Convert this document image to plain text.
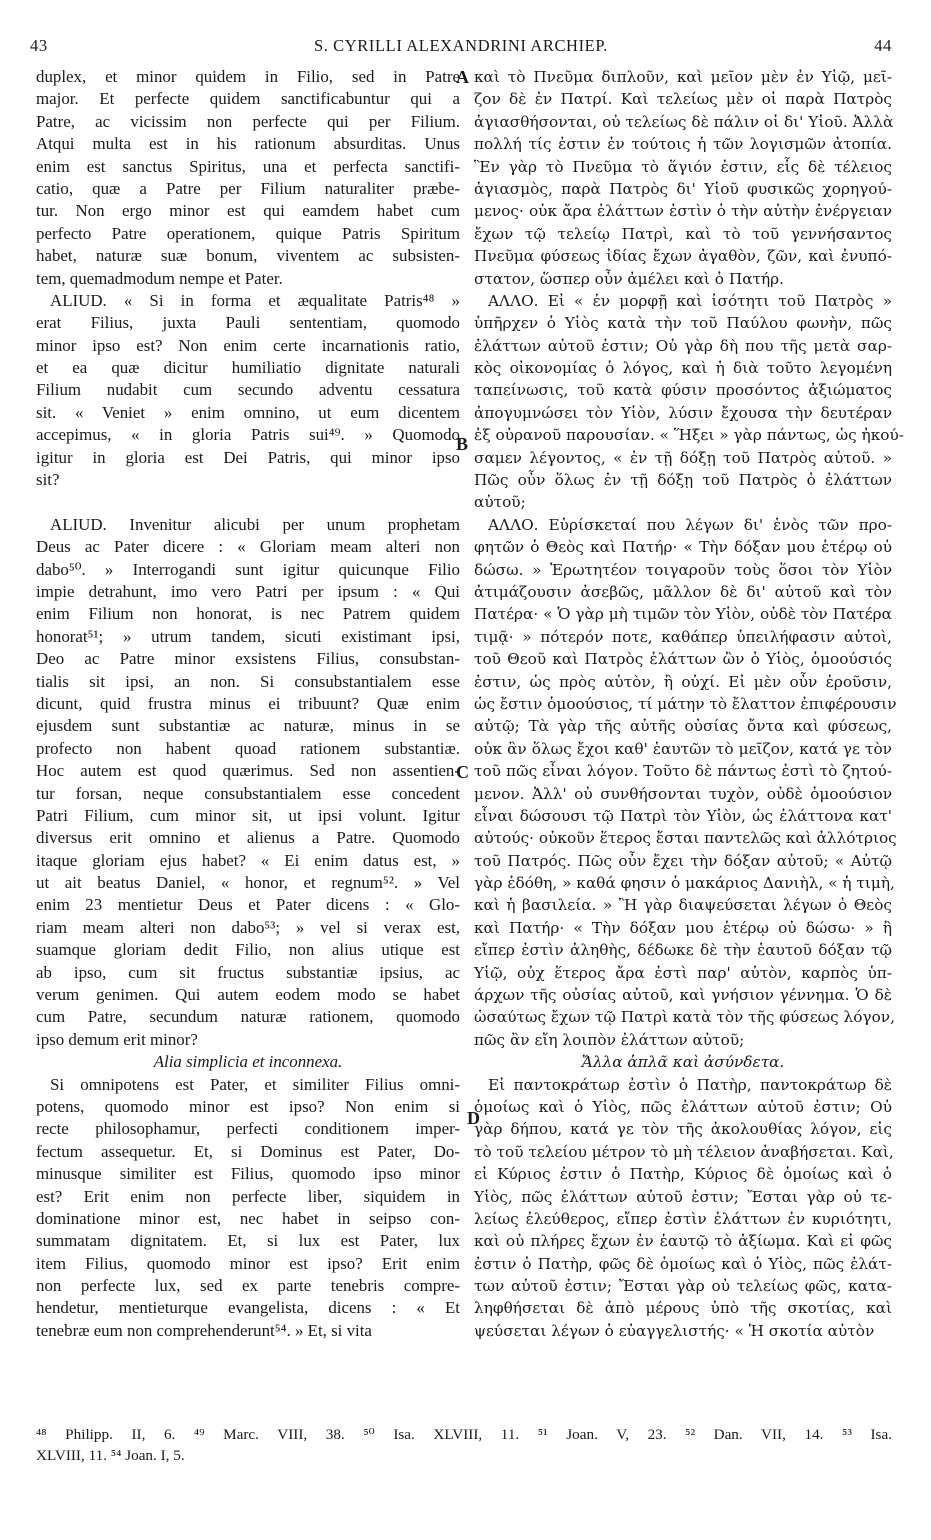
43	S. CYRILLI ALEXANDRINI ARCHIEP.	44
duplex, et minor quidem in Filio, sed in Patre
major. Et perfecte quidem sanctificabuntur qui a
Patre, ac vicissim non perfecte qui per Filium.
Atqui multa est in his rationum absurditas. Unus
enim est sanctus Spiritus, una et perfecta sanctifi-
catio, quæ a Patre per Filium naturaliter præbe-
tur. Non ergo minor est qui eamdem habet cum
perfecto Patre operationem, quique Patris Spiritum
habet, naturæ suæ bonum, viventem ac subsisten-
tem, quemadmodum nempe et Pater.
ALIUD. « Si in forma et æqualitate Patris⁴⁸ »
erat Filius, juxta Pauli sententiam, quomodo
minor ipso est? Non enim certe incarnationis ratio,
et ea quæ dicitur humiliatio dignitate naturali
Filium nudabit cum secundo adventu cessatura
sit. « Veniet » enim omnino, ut eum dicentem
accepimus, « in gloria Patris sui⁴⁹. » Quomodo
igitur in gloria est Dei Patris, qui minor ipso
sit?
ALIUD. Invenitur alicubi per unum prophetam
Deus ac Pater dicere : « Gloriam meam alteri non
dabo⁵⁰. » Interrogandi sunt igitur quicunque Filio
impie detrahunt, imo vero Patri per ipsum : « Qui
enim Filium non honorat, is nec Patrem quidem
honorat⁵¹; » utrum tandem, sicuti existimant ipsi,
Deo ac Patre minor exsistens Filius, consubstan-
tialis sit ipsi, an non. Si consubstantialem esse
dicunt, quid frustra minus ei tribuunt? Quæ enim
ejusdem sunt substantiæ ac naturæ, minus in se
profecto non habent quoad rationem substantiæ.
Hoc autem est quod quærimus. Sed non assentien-
tur forsan, neque consubstantialem esse concedent
Patri Filium, cum minor sit, ut ipsi volunt. Igitur
diversus erit omnino et alienus a Patre. Quomodo
itaque gloriam ejus habet? « Ei enim datus est, »
ut ait beatus Daniel, « honor, et regnum⁵². » Vel
enim 23 mentietur Deus et Pater dicens : « Glo-
riam meam alteri non dabo⁵³; » vel si verax est,
suamque gloriam dedit Filio, non alius utique est
ab ipso, cum sit fructus substantiæ ipsius, ac
verum genimen. Qui autem eodem modo se habet
cum Patre, secundum naturæ rationem, quomodo
ipso demum erit minor?
Alia simplicia et inconnexa.
Si omnipotens est Pater, et similiter Filius omni-
potens, quomodo minor est ipso? Non enim si
recte philosophamur, perfecti conditionem imper-
fectum assequetur. Et, si Dominus est Pater, Do-
minusque similiter est Filius, quomodo ipso minor
est? Erit enim non perfecte liber, siquidem in
dominatione minor est, nec habet in seipso con-
summatam dignitatem. Et, si lux est Pater, lux
item Filius, quomodo minor est ipso? Erit enim
non perfecte lux, sed ex parte tenebris compre-
hendetur, mentieturque evangelista, dicens : « Et
tenebræ eum non comprehenderunt⁵⁴. » Et, si vita
καὶ τὸ Πνεῦμα διπλοῦν, καὶ μεῖον μὲν ἐν Υἱῷ, μεῖ-
ζον δὲ ἐν Πατρί. Καὶ τελείως μὲν οἱ παρὰ Πατρὸς
ἁγιασθήσονται, οὐ τελείως δὲ πάλιν οἱ δι' Υἱοῦ. Ἀλλὰ
πολλή τίς ἐστιν ἐν τούτοις ἡ τῶν λογισμῶν ἀτοπία.
Ἓν γὰρ τὸ Πνεῦμα τὸ ἅγιόν ἐστιν, εἷς δὲ τέλειος
ἁγιασμὸς, παρὰ Πατρὸς δι' Υἱοῦ φυσικῶς χορηγού-
μενος· οὐκ ἄρα ἐλάττων ἐστὶν ὁ τὴν αὐτὴν ἐνέργειαν
ἔχων τῷ τελείῳ Πατρὶ, καὶ τὸ τοῦ γεννήσαντος
Πνεῦμα φύσεως ἰδίας ἔχων ἀγαθὸν, ζῶν, καὶ ἐνυπό-
στατον, ὥσπερ οὖν ἀμέλει καὶ ὁ Πατήρ.
ΑΛΛΟ. Εἰ « ἐν μορφῇ καὶ ἰσότητι τοῦ Πατρὸς »
ὑπῆρχεν ὁ Υἱὸς κατὰ τὴν τοῦ Παύλου φωνὴν, πῶς
ἐλάττων αὐτοῦ ἐστιν; Οὐ γὰρ δὴ που τῆς μετὰ σαρ-
κὸς οἰκονομίας ὁ λόγος, καὶ ἡ διὰ τοῦτο λεγομένη
ταπείνωσις, τοῦ κατὰ φύσιν προσόντος ἀξιώματος
ἀπογυμνώσει τὸν Υἱὸν, λύσιν ἔχουσα τὴν δευτέραν
ἐξ οὐρανοῦ παρουσίαν. « Ἥξει » γὰρ πάντως, ὡς ἠκού-
σαμεν λέγοντος, « ἐν τῇ δόξῃ τοῦ Πατρὸς αὐτοῦ. »
Πῶς οὖν ὅλως ἐν τῇ δόξῃ τοῦ Πατρὸς ὁ ἐλάττων
αὐτοῦ;
ΑΛΛΟ. Εὑρίσκεταί που λέγων δι' ἑνὸς τῶν προ-
φητῶν ὁ Θεὸς καὶ Πατήρ· « Τὴν δόξαν μου ἑτέρῳ οὐ
δώσω. » Ἐρωτητέον τοιγαροῦν τοὺς ὅσοι τὸν Υἱὸν
ἀτιμάζουσιν ἀσεβῶς, μᾶλλον δὲ δι' αὐτοῦ καὶ τὸν
Πατέρα· « Ὁ γὰρ μὴ τιμῶν τὸν Υἱὸν, οὐδὲ τὸν Πατέρα
τιμᾷ· » πότερόν ποτε, καθάπερ ὑπειλήφασιν αὐτοὶ,
τοῦ Θεοῦ καὶ Πατρὸς ἐλάττων ὢν ὁ Υἱὸς, ὁμοούσιός
ἐστιν, ὡς πρὸς αὐτὸν, ἢ οὐχί. Εἰ μὲν οὖν ἐροῦσιν,
ὡς ἔστιν ὁμοούσιος, τί μάτην τὸ ἔλαττον ἐπιφέρουσιν
αὐτῷ; Τὰ γὰρ τῆς αὐτῆς οὐσίας ὄντα καὶ φύσεως,
οὐκ ἂν ὅλως ἔχοι καθ' ἑαυτῶν τὸ μεῖζον, κατά γε τὸν
τοῦ πῶς εἶναι λόγον. Τοῦτο δὲ πάντως ἐστὶ τὸ ζητού-
μενον. Ἀλλ' οὐ συνθήσονται τυχὸν, οὐδὲ ὁμοούσιον
εἶναι δώσουσι τῷ Πατρὶ τὸν Υἱὸν, ὡς ἐλάττονα κατ'
αὐτούς· οὐκοῦν ἕτερος ἔσται παντελῶς καὶ ἀλλότριος
τοῦ Πατρός. Πῶς οὖν ἔχει τὴν δόξαν αὐτοῦ; « Αὐτῷ
γὰρ ἐδόθη, » καθά φησιν ὁ μακάριος Δανιὴλ, « ἡ τιμὴ,
καὶ ἡ βασιλεία. » Ἢ γὰρ διαψεύσεται λέγων ὁ Θεὸς
καὶ Πατήρ· « Τὴν δόξαν μου ἑτέρῳ οὐ δώσω· » ἢ
εἴπερ ἐστὶν ἀληθὴς, δέδωκε δὲ τὴν ἑαυτοῦ δόξαν τῷ
Υἱῷ, οὐχ ἕτερος ἄρα ἐστὶ παρ' αὐτὸν, καρπὸς ὑπ-
άρχων τῆς οὐσίας αὐτοῦ, καὶ γνήσιον γέννημα. Ὁ δὲ
ὡσαύτως ἔχων τῷ Πατρὶ κατὰ τὸν τῆς φύσεως λόγον,
πῶς ἂν εἴη λοιπὸν ἐλάττων αὐτοῦ;
Ἄλλα ἁπλᾶ καὶ ἀσύνδετα.
Εἰ παντοκράτωρ ἐστὶν ὁ Πατὴρ, παντοκράτωρ δὲ
ὁμοίως καὶ ὁ Υἱὸς, πῶς ἐλάττων αὐτοῦ ἐστιν; Οὐ
γὰρ δήπου, κατά γε τὸν τῆς ἀκολουθίας λόγον, εἰς
τὸ τοῦ τελείου μέτρον τὸ μὴ τέλειον ἀναβήσεται. Καὶ,
εἰ Κύριος ἐστιν ὁ Πατὴρ, Κύριος δὲ ὁμοίως καὶ ὁ
Υἱὸς, πῶς ἐλάττων αὐτοῦ ἐστιν; Ἔσται γὰρ οὐ τε-
λείως ἐλεύθερος, εἴπερ ἐστὶν ἐλάττων ἐν κυριότητι,
καὶ οὐ πλήρες ἔχων ἐν ἑαυτῷ τὸ ἀξίωμα. Καὶ εἰ φῶς
ἐστιν ὁ Πατὴρ, φῶς δὲ ὁμοίως καὶ ὁ Υἱὸς, πῶς ἐλάτ-
των αὐτοῦ ἐστιν; Ἔσται γὰρ οὐ τελείως φῶς, κατα-
ληφθήσεται δὲ ἀπὸ μέρους ὑπὸ τῆς σκοτίας, καὶ
ψεύσεται λέγων ὁ εὐαγγελιστής· « Ἡ σκοτία αὐτὸν
A
B
C
D
⁴⁸ Philipp. II, 6. ⁴⁹ Marc. VIII, 38. ⁵⁰ Isa. XLVIII, 11. ⁵¹ Joan. V, 23. ⁵² Dan. VII, 14. ⁵³ Isa.
XLVIII, 11. ⁵⁴ Joan. I, 5.
